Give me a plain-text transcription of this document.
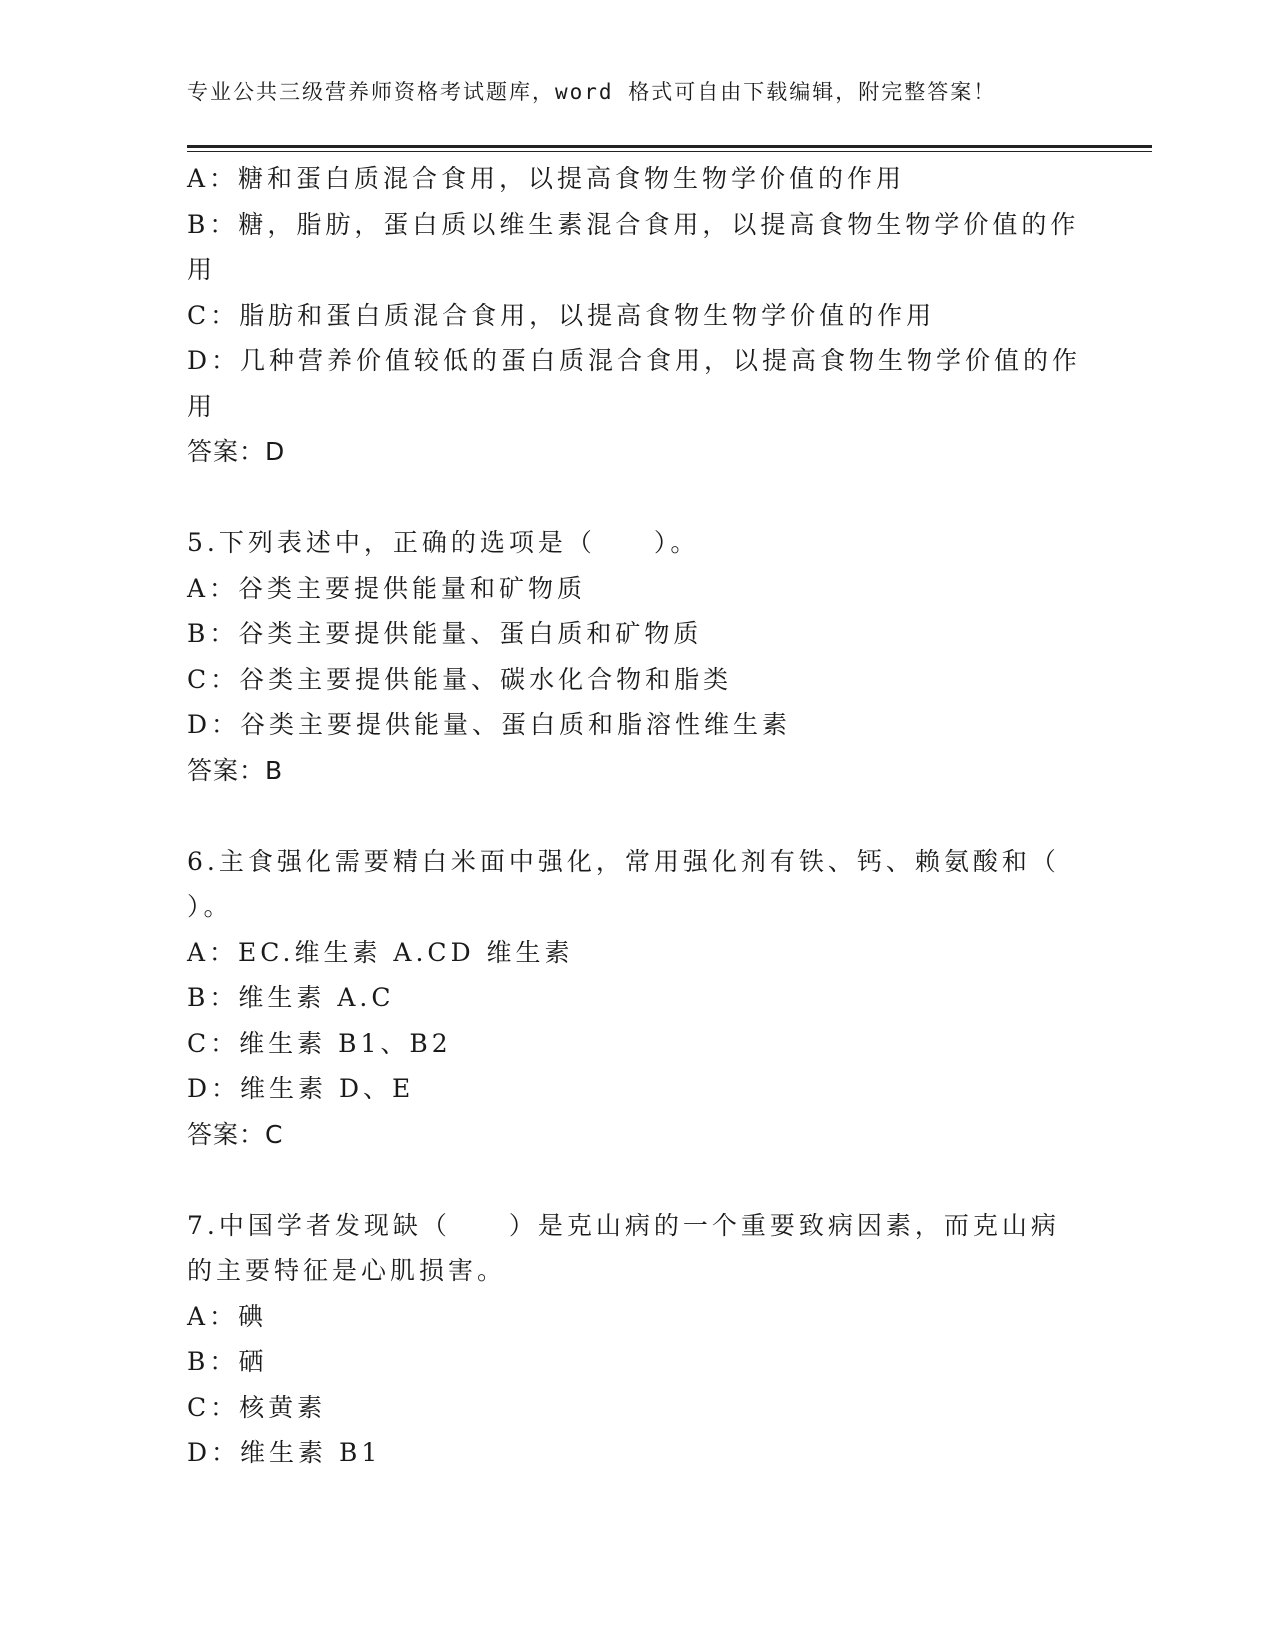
专业公共三级营养师资格考试题库，word 格式可自由下载编辑，附完整答案！
A：糖和蛋白质混合食用，以提高食物生物学价值的作用
B：糖，脂肪，蛋白质以维生素混合食用，以提高食物生物学价值的作
用
C：脂肪和蛋白质混合食用，以提高食物生物学价值的作用
D：几种营养价值较低的蛋白质混合食用，以提高食物生物学价值的作
用
答案：D
5.下列表述中，正确的选项是（　　）。
A：谷类主要提供能量和矿物质
B：谷类主要提供能量、蛋白质和矿物质
C：谷类主要提供能量、碳水化合物和脂类
D：谷类主要提供能量、蛋白质和脂溶性维生素
答案：B
6.主食强化需要精白米面中强化，常用强化剂有铁、钙、赖氨酸和（
）。
A：EC.维生素 A.CD 维生素
B：维生素 A.C
C：维生素 B1、B2
D：维生素 D、E
答案：C
7.中国学者发现缺（　　）是克山病的一个重要致病因素，而克山病
的主要特征是心肌损害。
A：碘
B：硒
C：核黄素
D：维生素 B1
